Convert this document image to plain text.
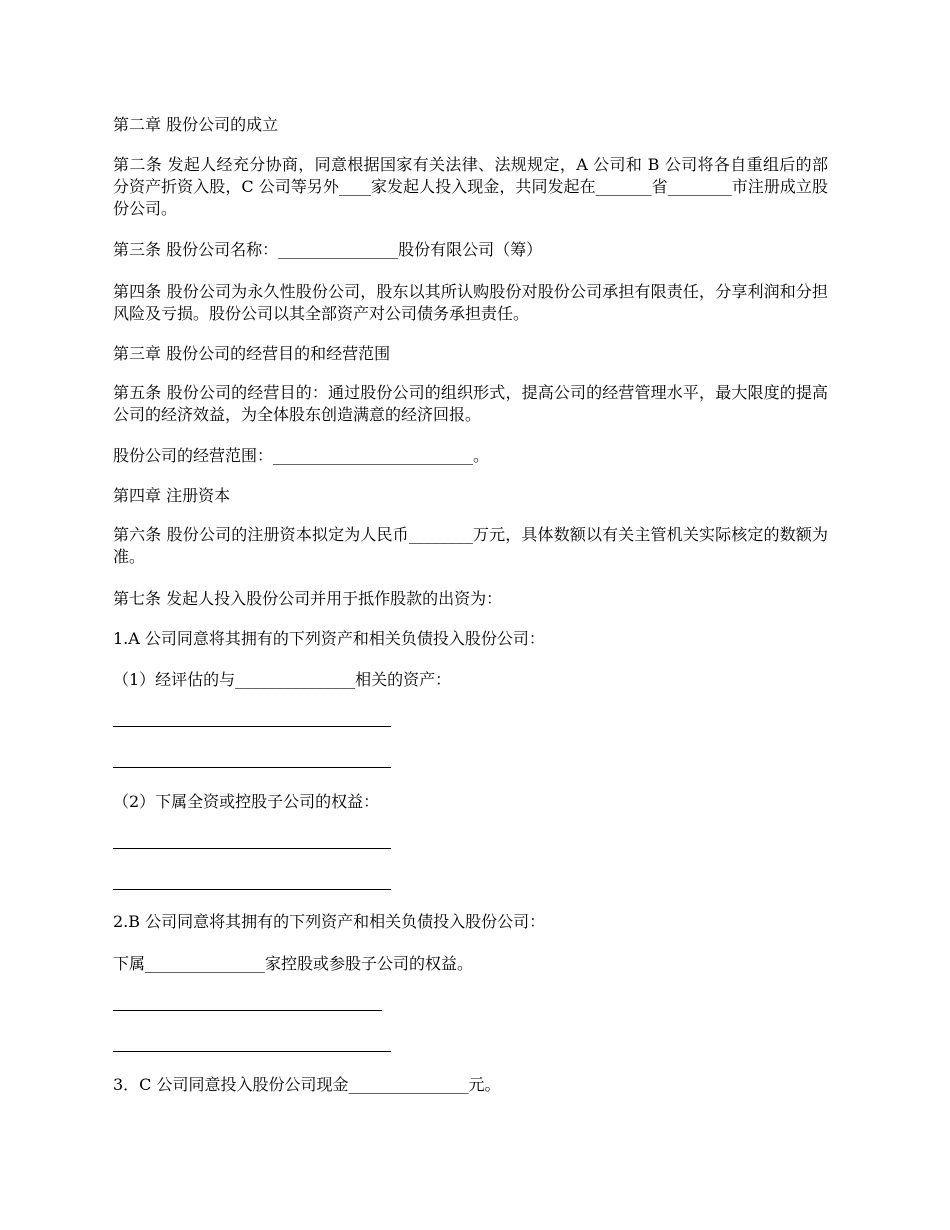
第二章 股份公司的成立
第二条 发起人经充分协商，同意根据国家有关法律、法规规定，A 公司和 B 公司将各自重组后的部分资产折资入股，C 公司等另外____家发起人投入现金，共同发起在_______省________市注册成立股份公司。
第三条 股份公司名称：_______________股份有限公司（筹）
第四条 股份公司为永久性股份公司，股东以其所认购股份对股份公司承担有限责任，分享利润和分担风险及亏损。股份公司以其全部资产对公司债务承担责任。
第三章 股份公司的经营目的和经营范围
第五条 股份公司的经营目的：通过股份公司的组织形式，提高公司的经营管理水平，最大限度的提高公司的经济效益，为全体股东创造满意的经济回报。
股份公司的经营范围：_________________________。
第四章 注册资本
第六条 股份公司的注册资本拟定为人民币________万元，具体数额以有关主管机关实际核定的数额为准。
第七条 发起人投入股份公司并用于抵作股款的出资为：
1.A 公司同意将其拥有的下列资产和相关负债投入股份公司：
（1）经评估的与_______________相关的资产：
（2）下属全资或控股子公司的权益：
2.B 公司同意将其拥有的下列资产和相关负债投入股份公司：
下属_______________家控股或参股子公司的权益。
3．C 公司同意投入股份公司现金_______________元。
